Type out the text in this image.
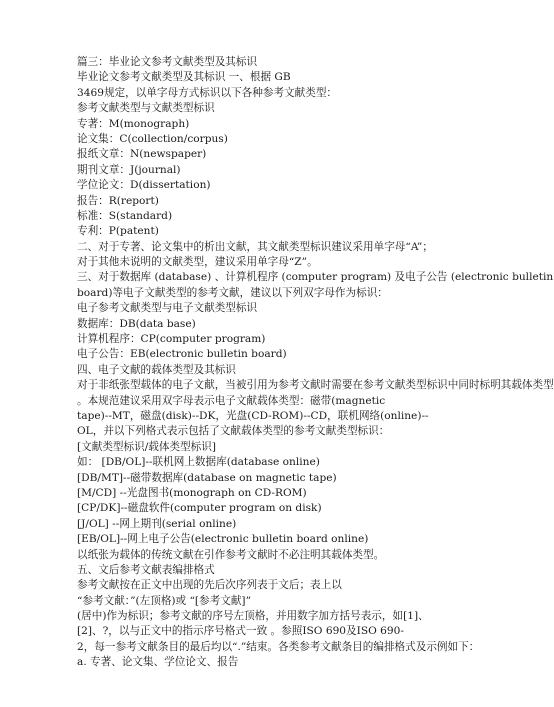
篇三：毕业论文参考文献类型及其标识
毕业论文参考文献类型及其标识 一、根据 GB
3469规定，以单字母方式标识以下各种参考文献类型：
参考文献类型与文献类型标识
专著：M(monograph)
论文集：C(collection/corpus)
报纸文章：N(newspaper)
期刊文章：J(journal)
学位论文：D(dissertation)
报告：R(report)
标准：S(standard)
专利：P(patent)
二、对于专著、论文集中的析出文献，其文献类型标识建议采用单字母“A”；
对于其他未说明的文献类型，建议采用单字母“Z”。
三、对于数据库 (database) 、计算机程序 (computer program) 及电子公告 (electronic bulletin
board)等电子文献类型的参考文献，建议以下列双字母作为标识：
电子参考文献类型与电子文献类型标识
数据库：DB(data base)
计算机程序：CP(computer program)
电子公告：EB(electronic bulletin board)
四、电子文献的载体类型及其标识
对于非纸张型载体的电子文献，当被引用为参考文献时需要在参考文献类型标识中同时标明其载体类型
。本规范建议采用双字母表示电子文献载体类型：磁带(magnetic
tape)--MT，磁盘(disk)--DK，光盘(CD-ROM)--CD，联机网络(online)--
OL，并以下列格式表示包括了文献载体类型的参考文献类型标识：
[文献类型标识/载体类型标识]
如： [DB/OL]--联机网上数据库(database online)
[DB/MT]--磁带数据库(database on magnetic tape)
[M/CD] --光盘图书(monograph on CD-ROM)
[CP/DK]--磁盘软件(computer program on disk)
[J/OL] --网上期刊(serial online)
[EB/OL]--网上电子公告(electronic bulletin board online)
以纸张为载体的传统文献在引作参考文献时不必注明其载体类型。
五、文后参考文献表编排格式
参考文献按在正文中出现的先后次序列表于文后；表上以
“参考文献：”(左顶格)或 “[参考文献]”
(居中)作为标识；参考文献的序号左顶格，并用数字加方括号表示，如[1]、
[2]、?，以与正文中的指示序号格式一致 。参照ISO 690及ISO 690-
2，每一参考文献条目的最后均以“.”结束。各类参考文献条目的编排格式及示例如下：
a. 专著、论文集、学位论文、报告
